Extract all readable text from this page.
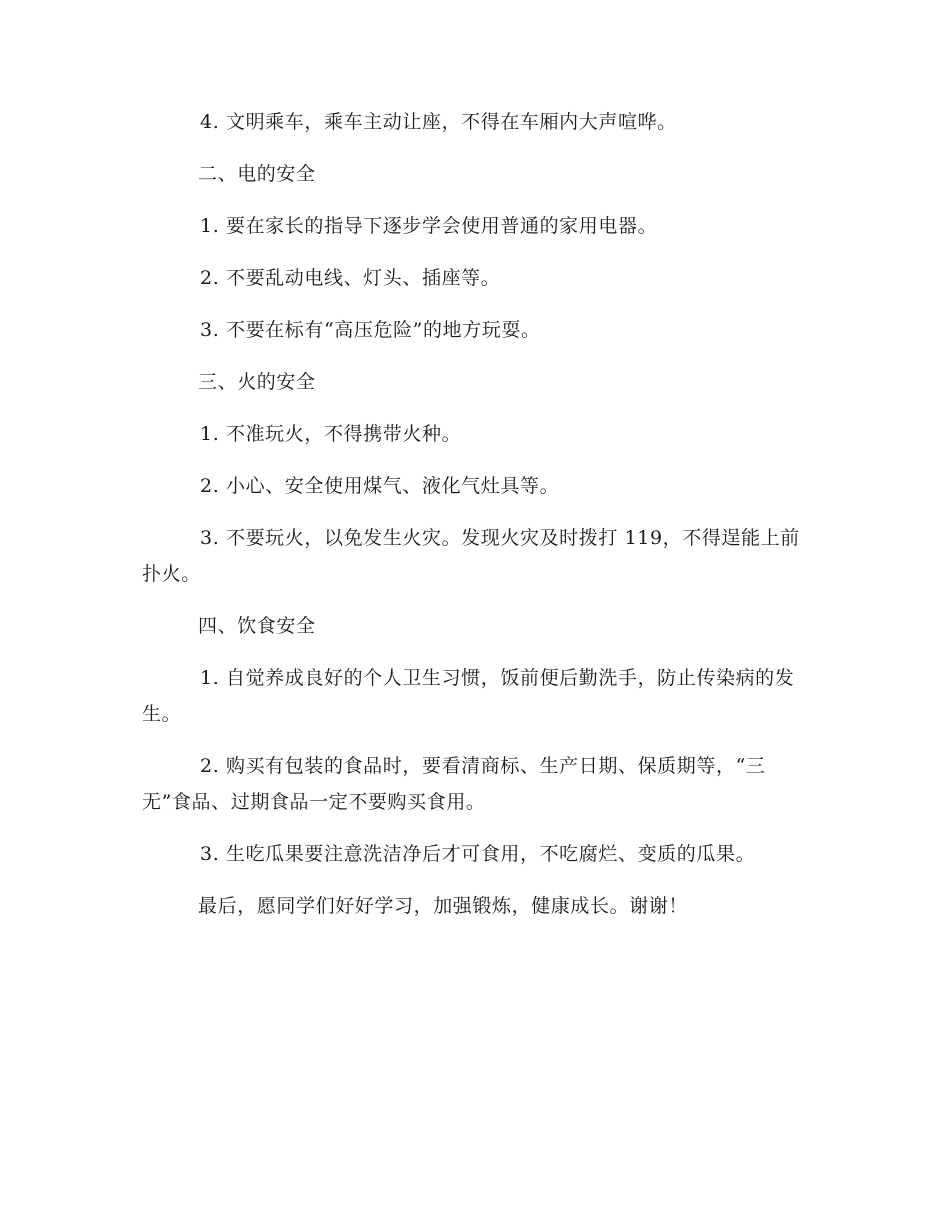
4. 文明乘车，乘车主动让座，不得在车厢内大声喧哗。

二、电的安全

1. 要在家长的指导下逐步学会使用普通的家用电器。

2. 不要乱动电线、灯头、插座等。

3. 不要在标有“高压危险”的地方玩耍。

三、火的安全

1. 不准玩火，不得携带火种。

2. 小心、安全使用煤气、液化气灶具等。

3. 不要玩火，以免发生火灾。发现火灾及时拨打 119，不得逞能上前扑火。

四、饮食安全

1. 自觉养成良好的个人卫生习惯，饭前便后勤洗手，防止传染病的发生。

2. 购买有包装的食品时，要看清商标、生产日期、保质期等，“三无”食品、过期食品一定不要购买食用。

3. 生吃瓜果要注意洗洁净后才可食用，不吃腐烂、变质的瓜果。

最后，愿同学们好好学习，加强锻炼，健康成长。谢谢！
